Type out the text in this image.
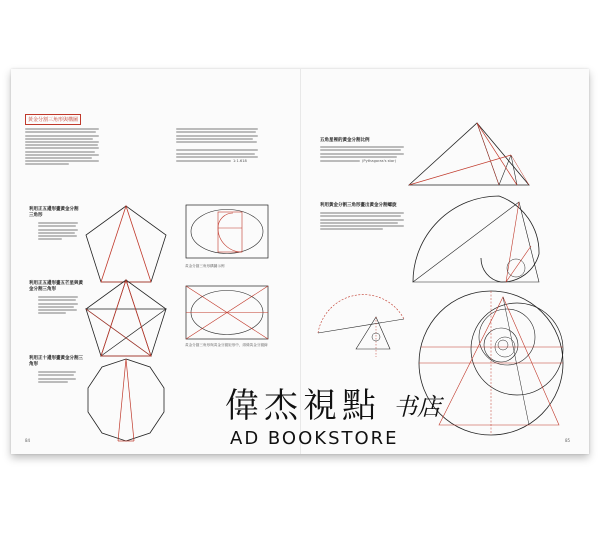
黃金分割三角形與構圖
1:1.618
利用正五邊形畫黃金分割三角形
利用正五邊形畫五芒星與黃金分割三角形
利用正十邊形畫黃金分割三角形
黃金分割三角形構圖示例
黃金分割三角形與黃金分割矩形中，兩條黃金分割線
84
五角星裡的黃金分割比例
(Pythagoras's star)
利用黃金分割三角形畫出黃金分割螺旋
85
偉杰視點 书店
AD BOOKSTORE
